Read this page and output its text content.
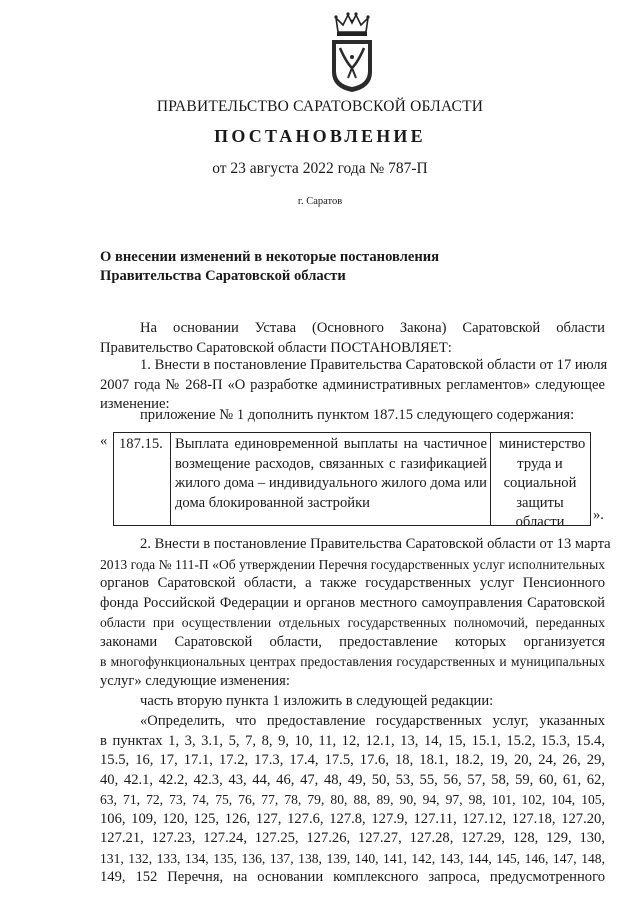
ПРАВИТЕЛЬСТВО САРАТОВСКОЙ ОБЛАСТИ
ПОСТАНОВЛЕНИЕ
от 23 августа 2022 года № 787-П
г. Саратов
О внесении изменений в некоторые постановления
Правительства Саратовской области
На основании Устава (Основного Закона) Саратовской области
Правительство Саратовской области ПОСТАНОВЛЯЕТ:
1. Внести в постановление Правительства Саратовской области от 17 июля
2007 года № 268-П «О разработке административных регламентов» следующее
изменение:
приложение № 1 дополнить пунктом 187.15 следующего содержания:
« 187.15. Выплата единовременной выплаты на частичное возмещение расходов, связанных с газификацией жилого дома – индивидуального жилого дома или дома блокированной застройки
министерство труда и социальной защиты области	».
2. Внести в постановление Правительства Саратовской области от 13 марта
2013 года № 111-П «Об утверждении Перечня государственных услуг исполнительных
органов Саратовской области, а также государственных услуг Пенсионного
фонда Российской Федерации и органов местного самоуправления Саратовской
области при осуществлении отдельных государственных полномочий, переданных
законами Саратовской области, предоставление которых организуется
в многофункциональных центрах предоставления государственных и муниципальных
услуг» следующие изменения:
часть вторую пункта 1 изложить в следующей редакции:
«Определить, что предоставление государственных услуг, указанных
в пунктах 1, 3, 3.1, 5, 7, 8, 9, 10, 11, 12, 12.1, 13, 14, 15, 15.1, 15.2, 15.3, 15.4,
15.5, 16, 17, 17.1, 17.2, 17.3, 17.4, 17.5, 17.6, 18, 18.1, 18.2, 19, 20, 24, 26, 29,
40, 42.1, 42.2, 42.3, 43, 44, 46, 47, 48, 49, 50, 53, 55, 56, 57, 58, 59, 60, 61, 62,
63, 71, 72, 73, 74, 75, 76, 77, 78, 79, 80, 88, 89, 90, 94, 97, 98, 101, 102, 104, 105,
106, 109, 120, 125, 126, 127, 127.6, 127.8, 127.9, 127.11, 127.12, 127.18, 127.20,
127.21, 127.23, 127.24, 127.25, 127.26, 127.27, 127.28, 127.29, 128, 129, 130,
131, 132, 133, 134, 135, 136, 137, 138, 139, 140, 141, 142, 143, 144, 145, 146, 147, 148,
149, 152 Перечня, на основании комплексного запроса, предусмотренного
